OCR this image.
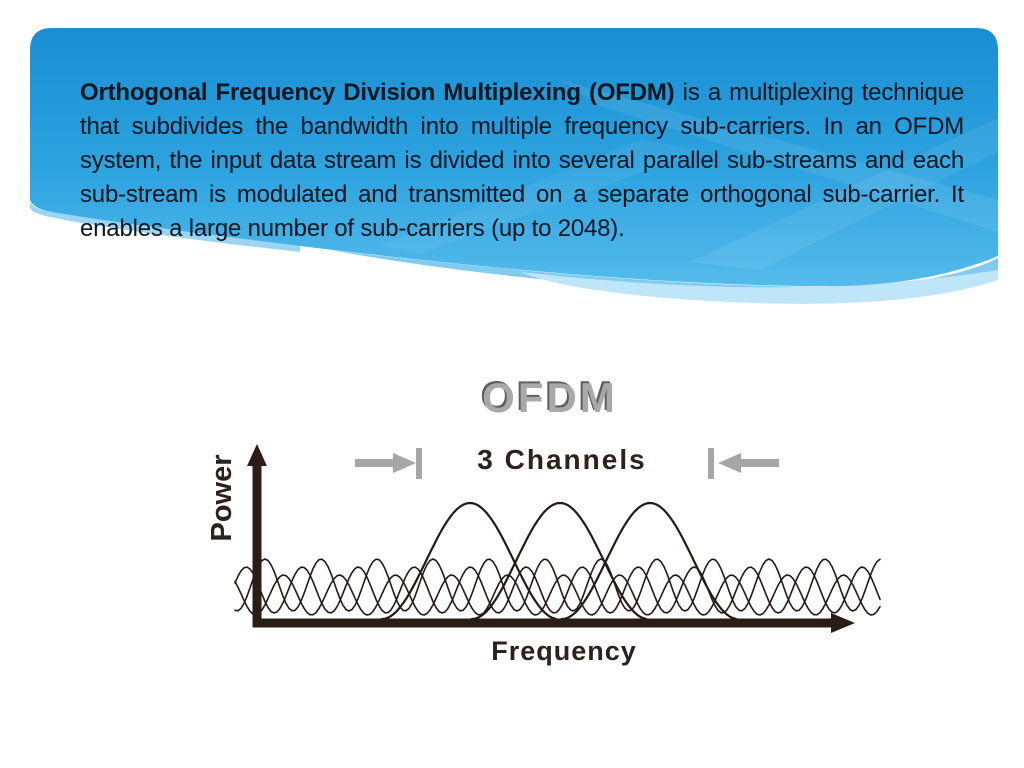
Orthogonal Frequency Division Multiplexing (OFDM) is a multiplexing technique that subdivides the bandwidth into multiple frequency sub-carriers. In an OFDM system, the input data stream is divided into several parallel sub-streams and each sub-stream is modulated and transmitted on a separate orthogonal sub-carrier. It enables a large number of sub-carriers (up to 2048).
OFDM
3 Channels
Power
Frequency
